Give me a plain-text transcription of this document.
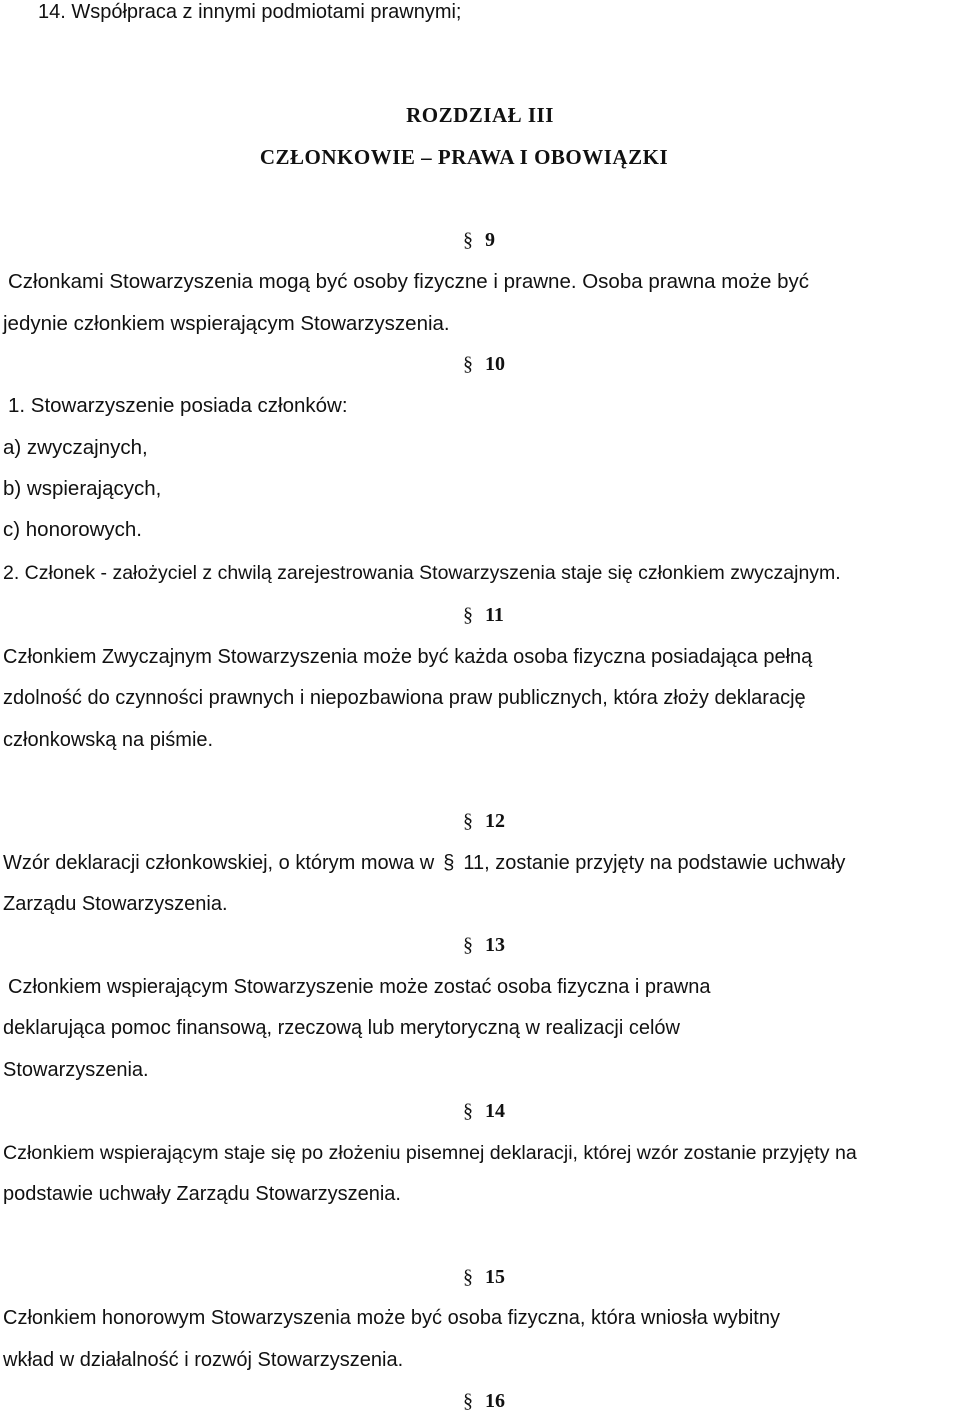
14. Współpraca z innymi podmiotami prawnymi;
ROZDZIAŁ III
CZŁONKOWIE – PRAWA I OBOWIĄZKI
§ 9
Członkami Stowarzyszenia mogą być osoby fizyczne i prawne. Osoba prawna może być
jedynie członkiem wspierającym Stowarzyszenia.
§ 10
1. Stowarzyszenie posiada członków:
a) zwyczajnych,
b) wspierających,
c) honorowych.
2. Członek - założyciel z chwilą zarejestrowania Stowarzyszenia staje się członkiem zwyczajnym.
§ 11
Członkiem Zwyczajnym Stowarzyszenia może być każda osoba fizyczna posiadająca pełną
zdolność do czynności prawnych i niepozbawiona praw publicznych, która złoży deklarację
członkowską na piśmie.
§ 12
Wzór deklaracji członkowskiej, o którym mowa w § 11, zostanie przyjęty na podstawie uchwały
Zarządu Stowarzyszenia.
§ 13
Członkiem wspierającym Stowarzyszenie może zostać osoba fizyczna i prawna
deklarująca pomoc finansową, rzeczową lub merytoryczną w realizacji celów
Stowarzyszenia.
§ 14
Członkiem wspierającym staje się po złożeniu pisemnej deklaracji, której wzór zostanie przyjęty na
podstawie uchwały Zarządu Stowarzyszenia.
§ 15
Członkiem honorowym Stowarzyszenia może być osoba fizyczna, która wniosła wybitny
wkład w działalność i rozwój Stowarzyszenia.
§ 16
